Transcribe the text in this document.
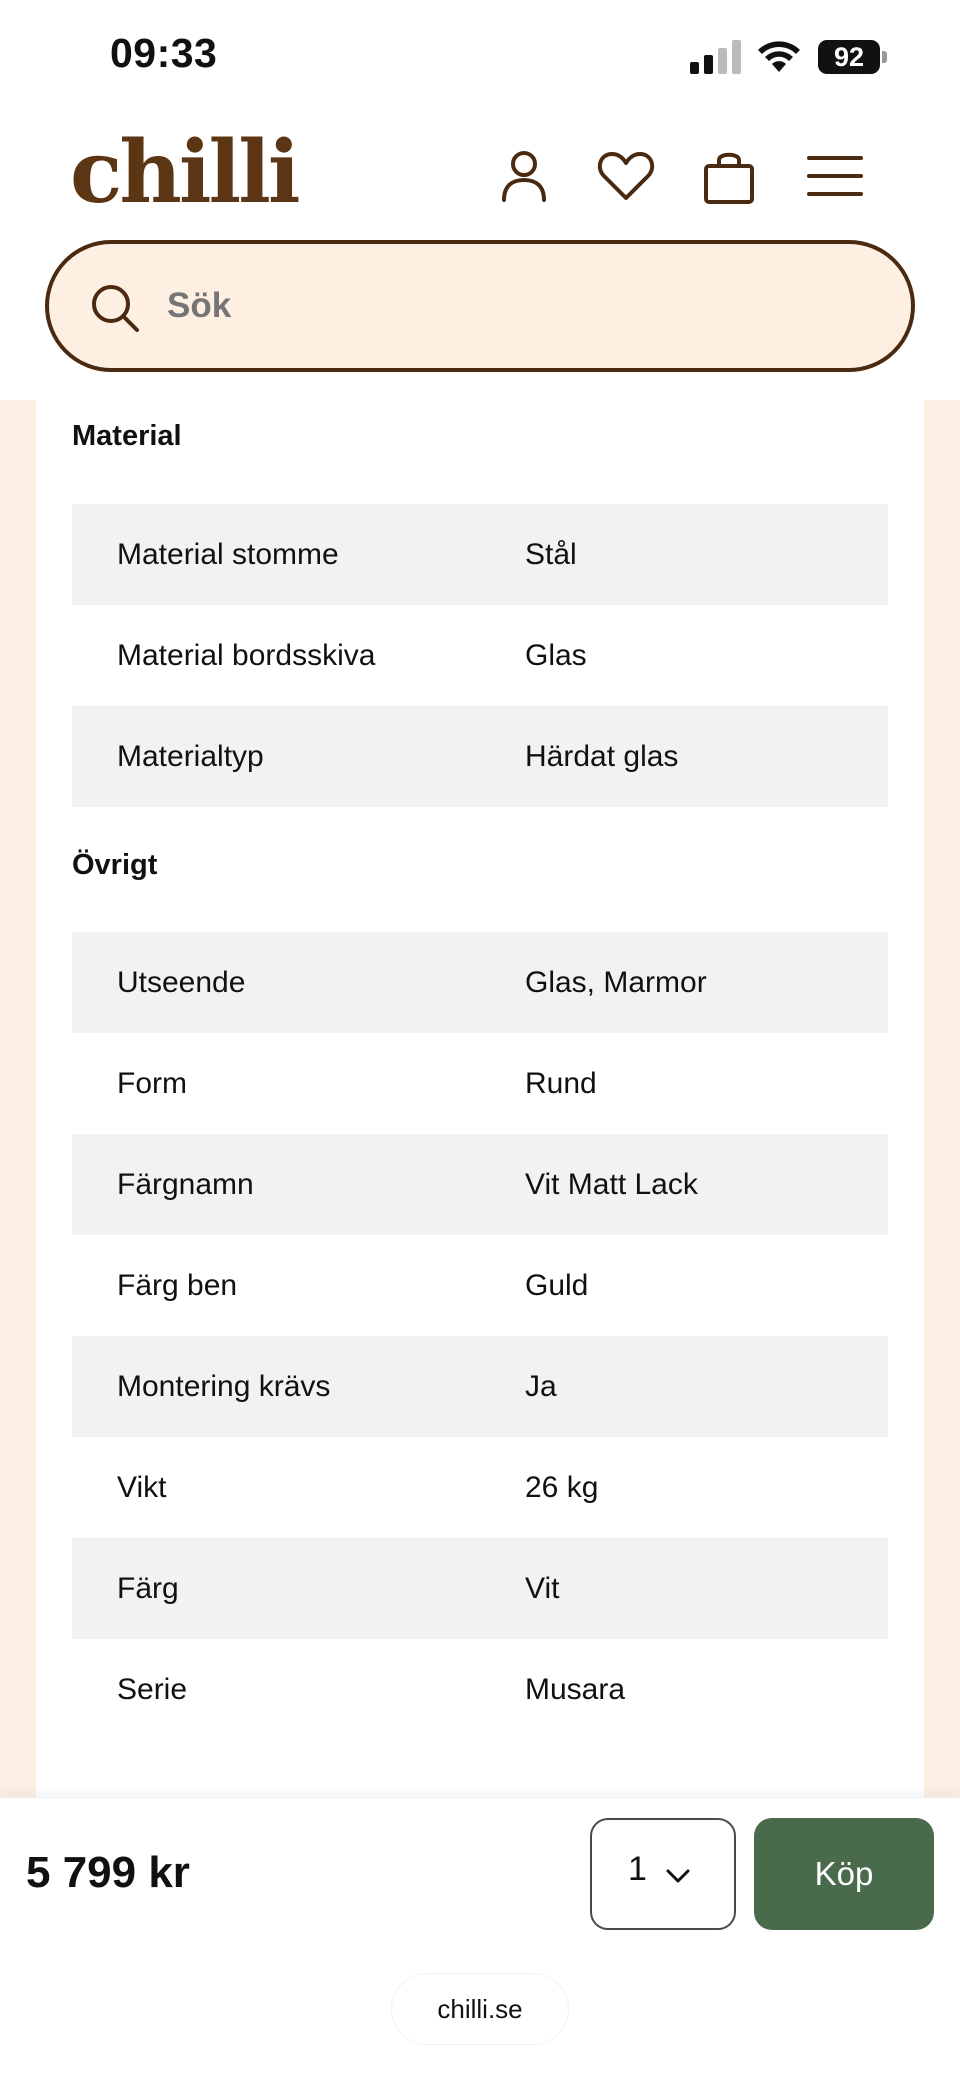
09:33	92
chilli
Sök
Material
Material stomme	Stål
Material bordsskiva	Glas
Materialtyp	Härdat glas
Övrigt
Utseende	Glas, Marmor
Form	Rund
Färgnamn	Vit Matt Lack
Färg ben	Guld
Montering krävs	Ja
Vikt	26 kg
Färg	Vit
Serie	Musara
5 799 kr	1	Köp
chilli.se
